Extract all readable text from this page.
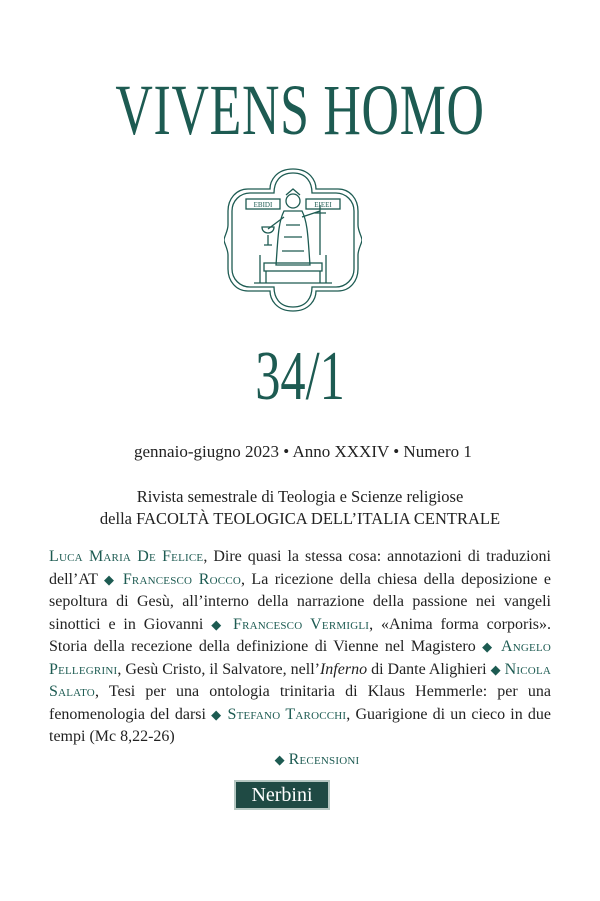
VIVENS HOMO
EBIDI	EIEEI
34/1
gennaio-giugno 2023 • Anno XXXIV • Numero 1
Rivista semestrale di Teologia e Scienze religiose
della FACOLTÀ TEOLOGICA DELL’ITALIA CENTRALE
Luca Maria De Felice, Dire quasi la stessa cosa: annotazioni di traduzioni dell’AT ◆ Francesco Rocco, La ricezione della chiesa della deposizione e sepoltura di Gesù, all’interno della narrazione della passione nei vangeli sinottici e in Giovanni ◆ Francesco Vermigli, «Anima forma corporis». Storia della recezione della definizione di Vienne nel Magistero ◆ Angelo Pellegrini, Gesù Cristo, il Salvatore, nell’Inferno di Dante Alighieri ◆ Nicola Salato, Tesi per una ontologia trinitaria di Klaus Hemmerle: per una fenomenologia del darsi ◆ Stefano Tarocchi, Guarigione di un cieco in due tempi (Mc 8,22-26)
◆ Recensioni
Nerbini
